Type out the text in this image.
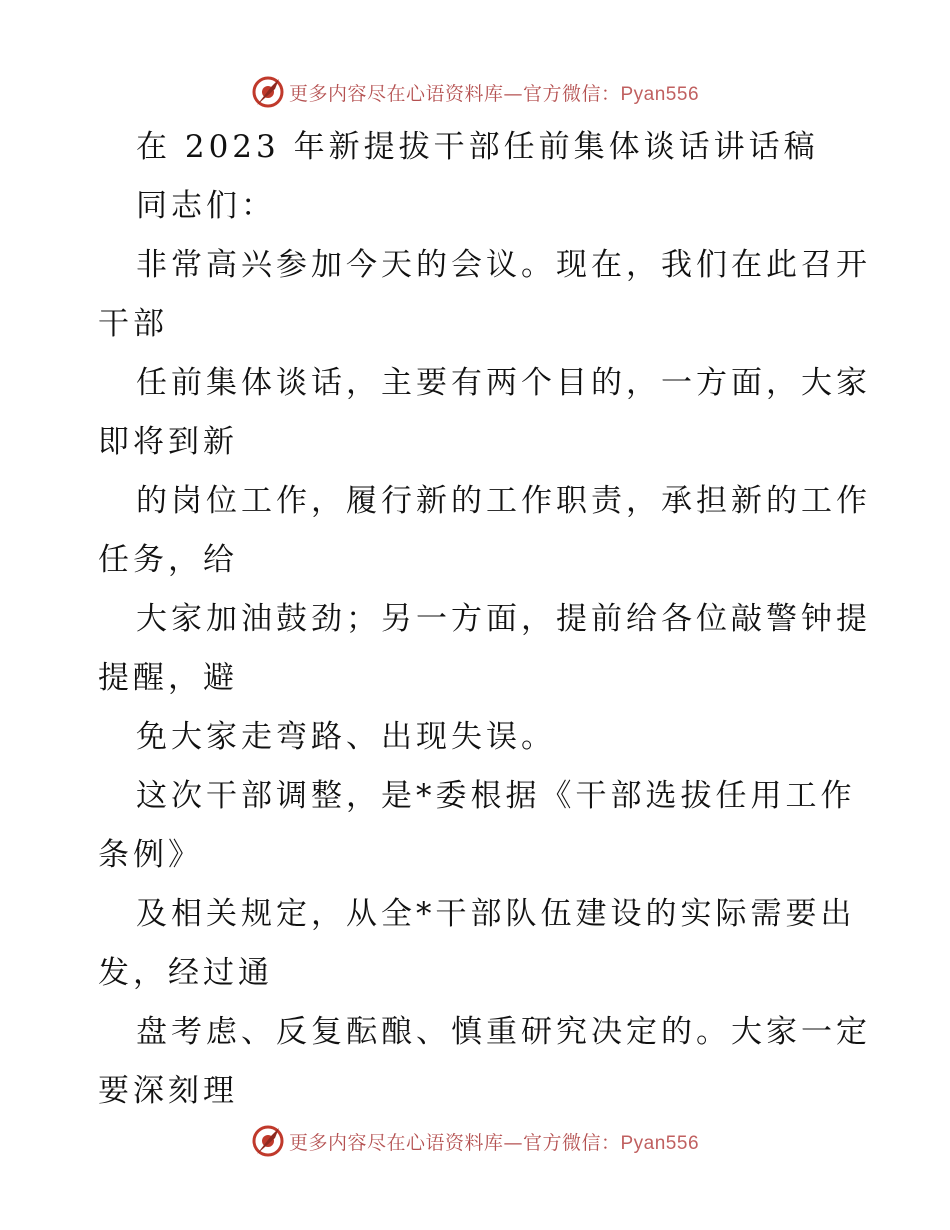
更多内容尽在心语资料库—官方微信：Pyan556
在 2023 年新提拔干部任前集体谈话讲话稿
同志们：
非常高兴参加今天的会议。现在，我们在此召开
干部
任前集体谈话，主要有两个目的，一方面，大家
即将到新
的岗位工作，履行新的工作职责，承担新的工作
任务，给
大家加油鼓劲；另一方面，提前给各位敲警钟提
提醒，避
免大家走弯路、出现失误。
这次干部调整，是*委根据《干部选拔任用工作
条例》
及相关规定，从全*干部队伍建设的实际需要出
发，经过通
盘考虑、反复酝酿、慎重研究决定的。大家一定
要深刻理
更多内容尽在心语资料库—官方微信：Pyan556
